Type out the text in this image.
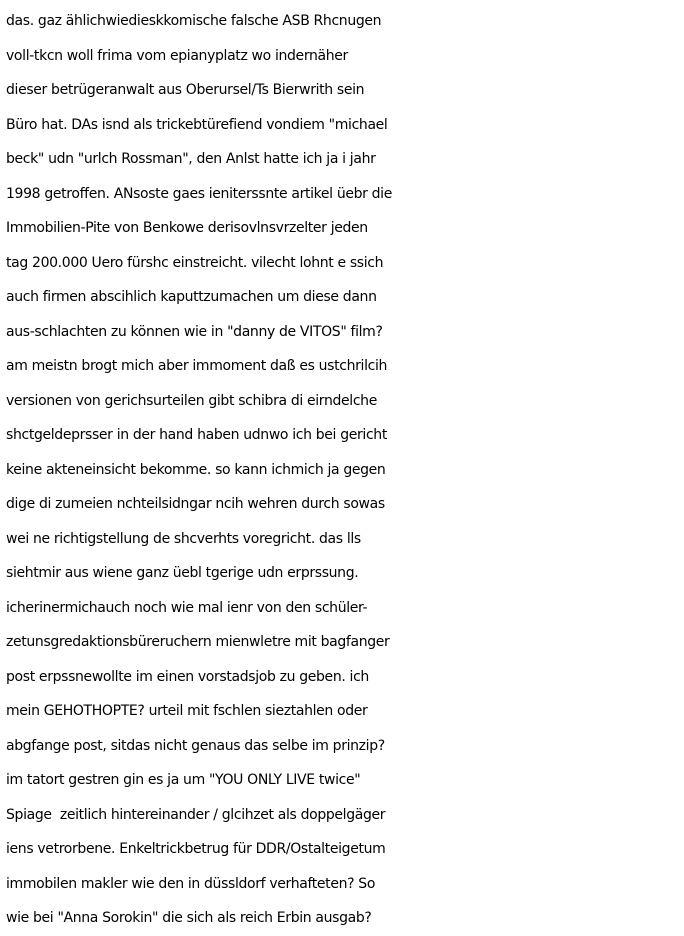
das. gaz ählichwiedieskkomische falsche ASB Rhcnugen
voll-tkcn woll frima vom epianyplatz wo indernäher
dieser betrügeranwalt aus Oberursel/Ts Bierwrith sein
Büro hat. DAs isnd als trickebtürefiend vondiem "michael
beck" udn "urlch Rossman", den Anlst hatte ich ja i jahr
1998 getroffen. ANsoste gaes ieniterssnte artikel üebr die
Immobilien-Pite von Benkowe derisovlnsvrzelter jeden
tag 200.000 Uero fürshc einstreicht. vilecht lohnt e ssich
auch firmen abscihlich kaputtzumachen um diese dann
aus-schlachten zu können wie in "danny de VITOS" film?
am meistn brogt mich aber immoment daß es ustchrilcih
versionen von gerichsurteilen gibt schibra di eirndelche
shctgeldeprsser in der hand haben udnwo ich bei gericht
keine akteneinsicht bekomme. so kann ichmich ja gegen
dige di zumeien nchteilsidngar ncih wehren durch sowas
wei ne richtigstellung de shcverhts voregricht. das lls
siehtmir aus wiene ganz üebl tgerige udn erprssung.
icherinermichauch noch wie mal ienr von den schüler-
zetunsgredaktionsbüreruchern mienwletre mit bagfanger
post erpssnewollte im einen vorstadsjob zu geben. ich
mein GEHOTHOPTE? urteil mit fschlen sieztahlen oder
abgfange post, sitdas nicht genaus das selbe im prinzip?
im tatort gestren gin es ja um "YOU ONLY LIVE twice"
Spiage  zeitlich hintereinander / glcihzet als doppelgäger
iens vetrorbene. Enkeltrickbetrug für DDR/Ostalteigetum
immobilen makler wie den in düssldorf verhafteten? So
wie bei "Anna Sorokin" die sich als reich Erbin ausgab?
